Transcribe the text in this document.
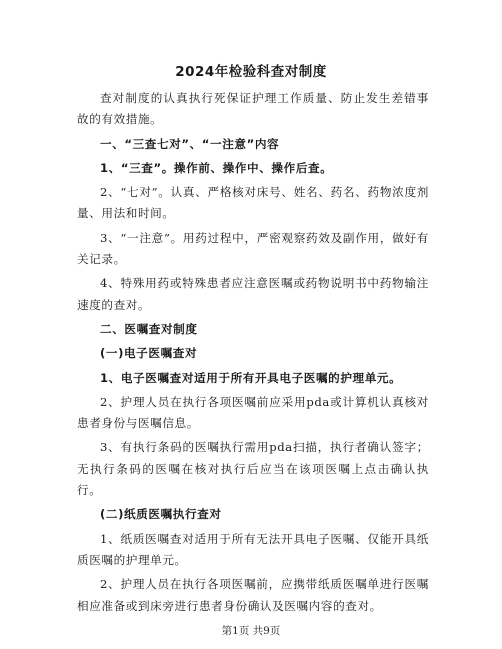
2024年检验科查对制度

查对制度的认真执行死保证护理工作质量、防止发生差错事故的有效措施。

一、“三查七对”、“一注意”内容

1、“三查”。操作前、操作中、操作后查。

2、“七对”。认真、严格核对床号、姓名、药名、药物浓度剂量、用法和时间。

3、“一注意”。用药过程中，严密观察药效及副作用，做好有关记录。

4、特殊用药或特殊患者应注意医嘱或药物说明书中药物输注速度的查对。

二、医嘱查对制度

(一)电子医嘱查对

1、电子医嘱查对适用于所有开具电子医嘱的护理单元。

2、护理人员在执行各项医嘱前应采用pda或计算机认真核对患者身份与医嘱信息。

3、有执行条码的医嘱执行需用pda扫描，执行者确认签字；无执行条码的医嘱在核对执行后应当在该项医嘱上点击确认执行。

(二)纸质医嘱执行查对

1、纸质医嘱查对适用于所有无法开具电子医嘱、仅能开具纸质医嘱的护理单元。

2、护理人员在执行各项医嘱前，应携带纸质医嘱单进行医嘱相应准备或到床旁进行患者身份确认及医嘱内容的查对。

第1页 共9页
